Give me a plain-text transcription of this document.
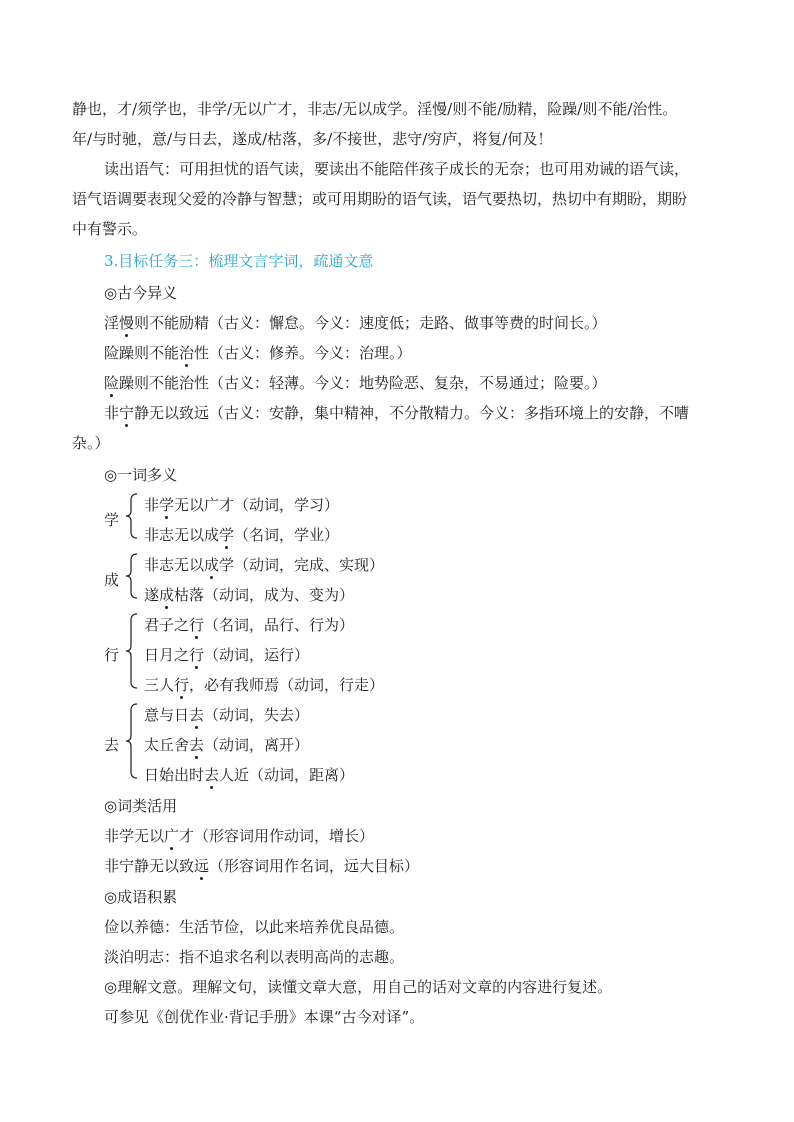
静也，才/须学也，非学/无以广才，非志/无以成学。淫慢/则不能/励精，险躁/则不能/治性。
年/与时驰，意/与日去，遂成/枯落，多/不接世，悲守/穷庐，将复/何及！
读出语气：可用担忧的语气读，要读出不能陪伴孩子成长的无奈；也可用劝诫的语气读，
语气语调要表现父爱的冷静与智慧；或可用期盼的语气读，语气要热切，热切中有期盼，期盼
中有警示。
3.目标任务三：梳理文言字词，疏通文意
◎古今异义
淫慢则不能励精（古义：懈怠。今义：速度低；走路、做事等费的时间长。）
险躁则不能治性（古义：修养。今义：治理。）
险躁则不能治性（古义：轻薄。今义：地势险恶、复杂，不易通过；险要。）
非宁静无以致远（古义：安静，集中精神，不分散精力。今义：多指环境上的安静，不嘈
杂。）
◎一词多义
学
非学无以广才（动词，学习）
非志无以成学（名词，学业）
成
非志无以成学（动词，完成、实现）
遂成枯落（动词，成为、变为）
行
君子之行（名词，品行、行为）
日月之行（动词，运行）
三人行，必有我师焉（动词，行走）
去
意与日去（动词，失去）
太丘舍去（动词，离开）
日始出时去人近（动词，距离）
◎词类活用
非学无以广才（形容词用作动词，增长）
非宁静无以致远（形容词用作名词，远大目标）
◎成语积累
俭以养德：生活节俭，以此来培养优良品德。
淡泊明志：指不追求名利以表明高尚的志趣。
◎理解文意。理解文句，读懂文章大意，用自己的话对文章的内容进行复述。
可参见《创优作业·背记手册》本课“古今对译”。
